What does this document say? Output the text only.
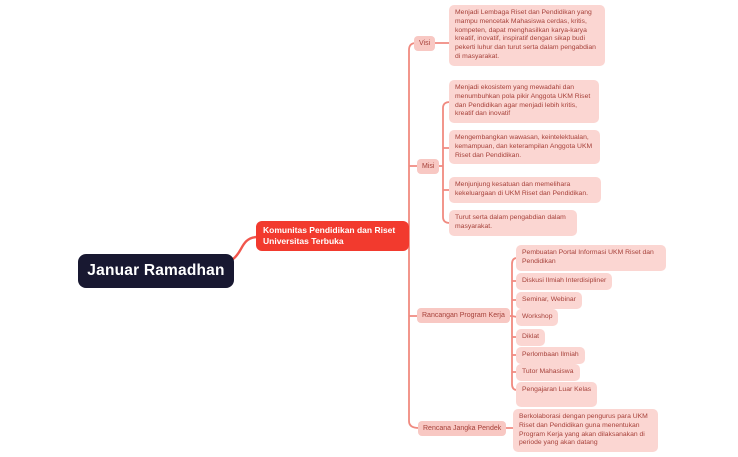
Januar Ramadhan
Komunitas Pendidikan dan Riset Universitas Terbuka
Visi
Misi
Rancangan Program Kerja
Rencana Jangka Pendek
Menjadi Lembaga Riset dan Pendidikan yang mampu mencetak Mahasiswa cerdas, kritis, kompeten, dapat menghasilkan karya-karya kreatif, inovatif, inspiratif dengan sikap budi pekerti luhur dan turut serta dalam pengabdian di masyarakat.
Menjadi ekosistem yang mewadahi dan menumbuhkan pola pikir Anggota UKM Riset dan Pendidikan agar menjadi lebih kritis, kreatif dan inovatif
Mengembangkan wawasan, keintelektualan, kemampuan, dan keterampilan Anggota UKM Riset dan Pendidikan.
Menjunjung kesatuan dan memelihara kekeluargaan di UKM Riset dan Pendidikan.
Turut serta dalam pengabdian dalam masyarakat.
Pembuatan Portal Informasi UKM Riset dan Pendidikan
Diskusi Ilmiah Interdisipliner
Seminar, Webinar
Workshop
Diklat
Perlombaan Ilmiah
Tutor Mahasiswa
Pengajaran Luar Kelas
Berkolaborasi dengan pengurus para UKM Riset dan Pendidikan guna menentukan Program Kerja yang akan dilaksanakan di periode yang akan datang
